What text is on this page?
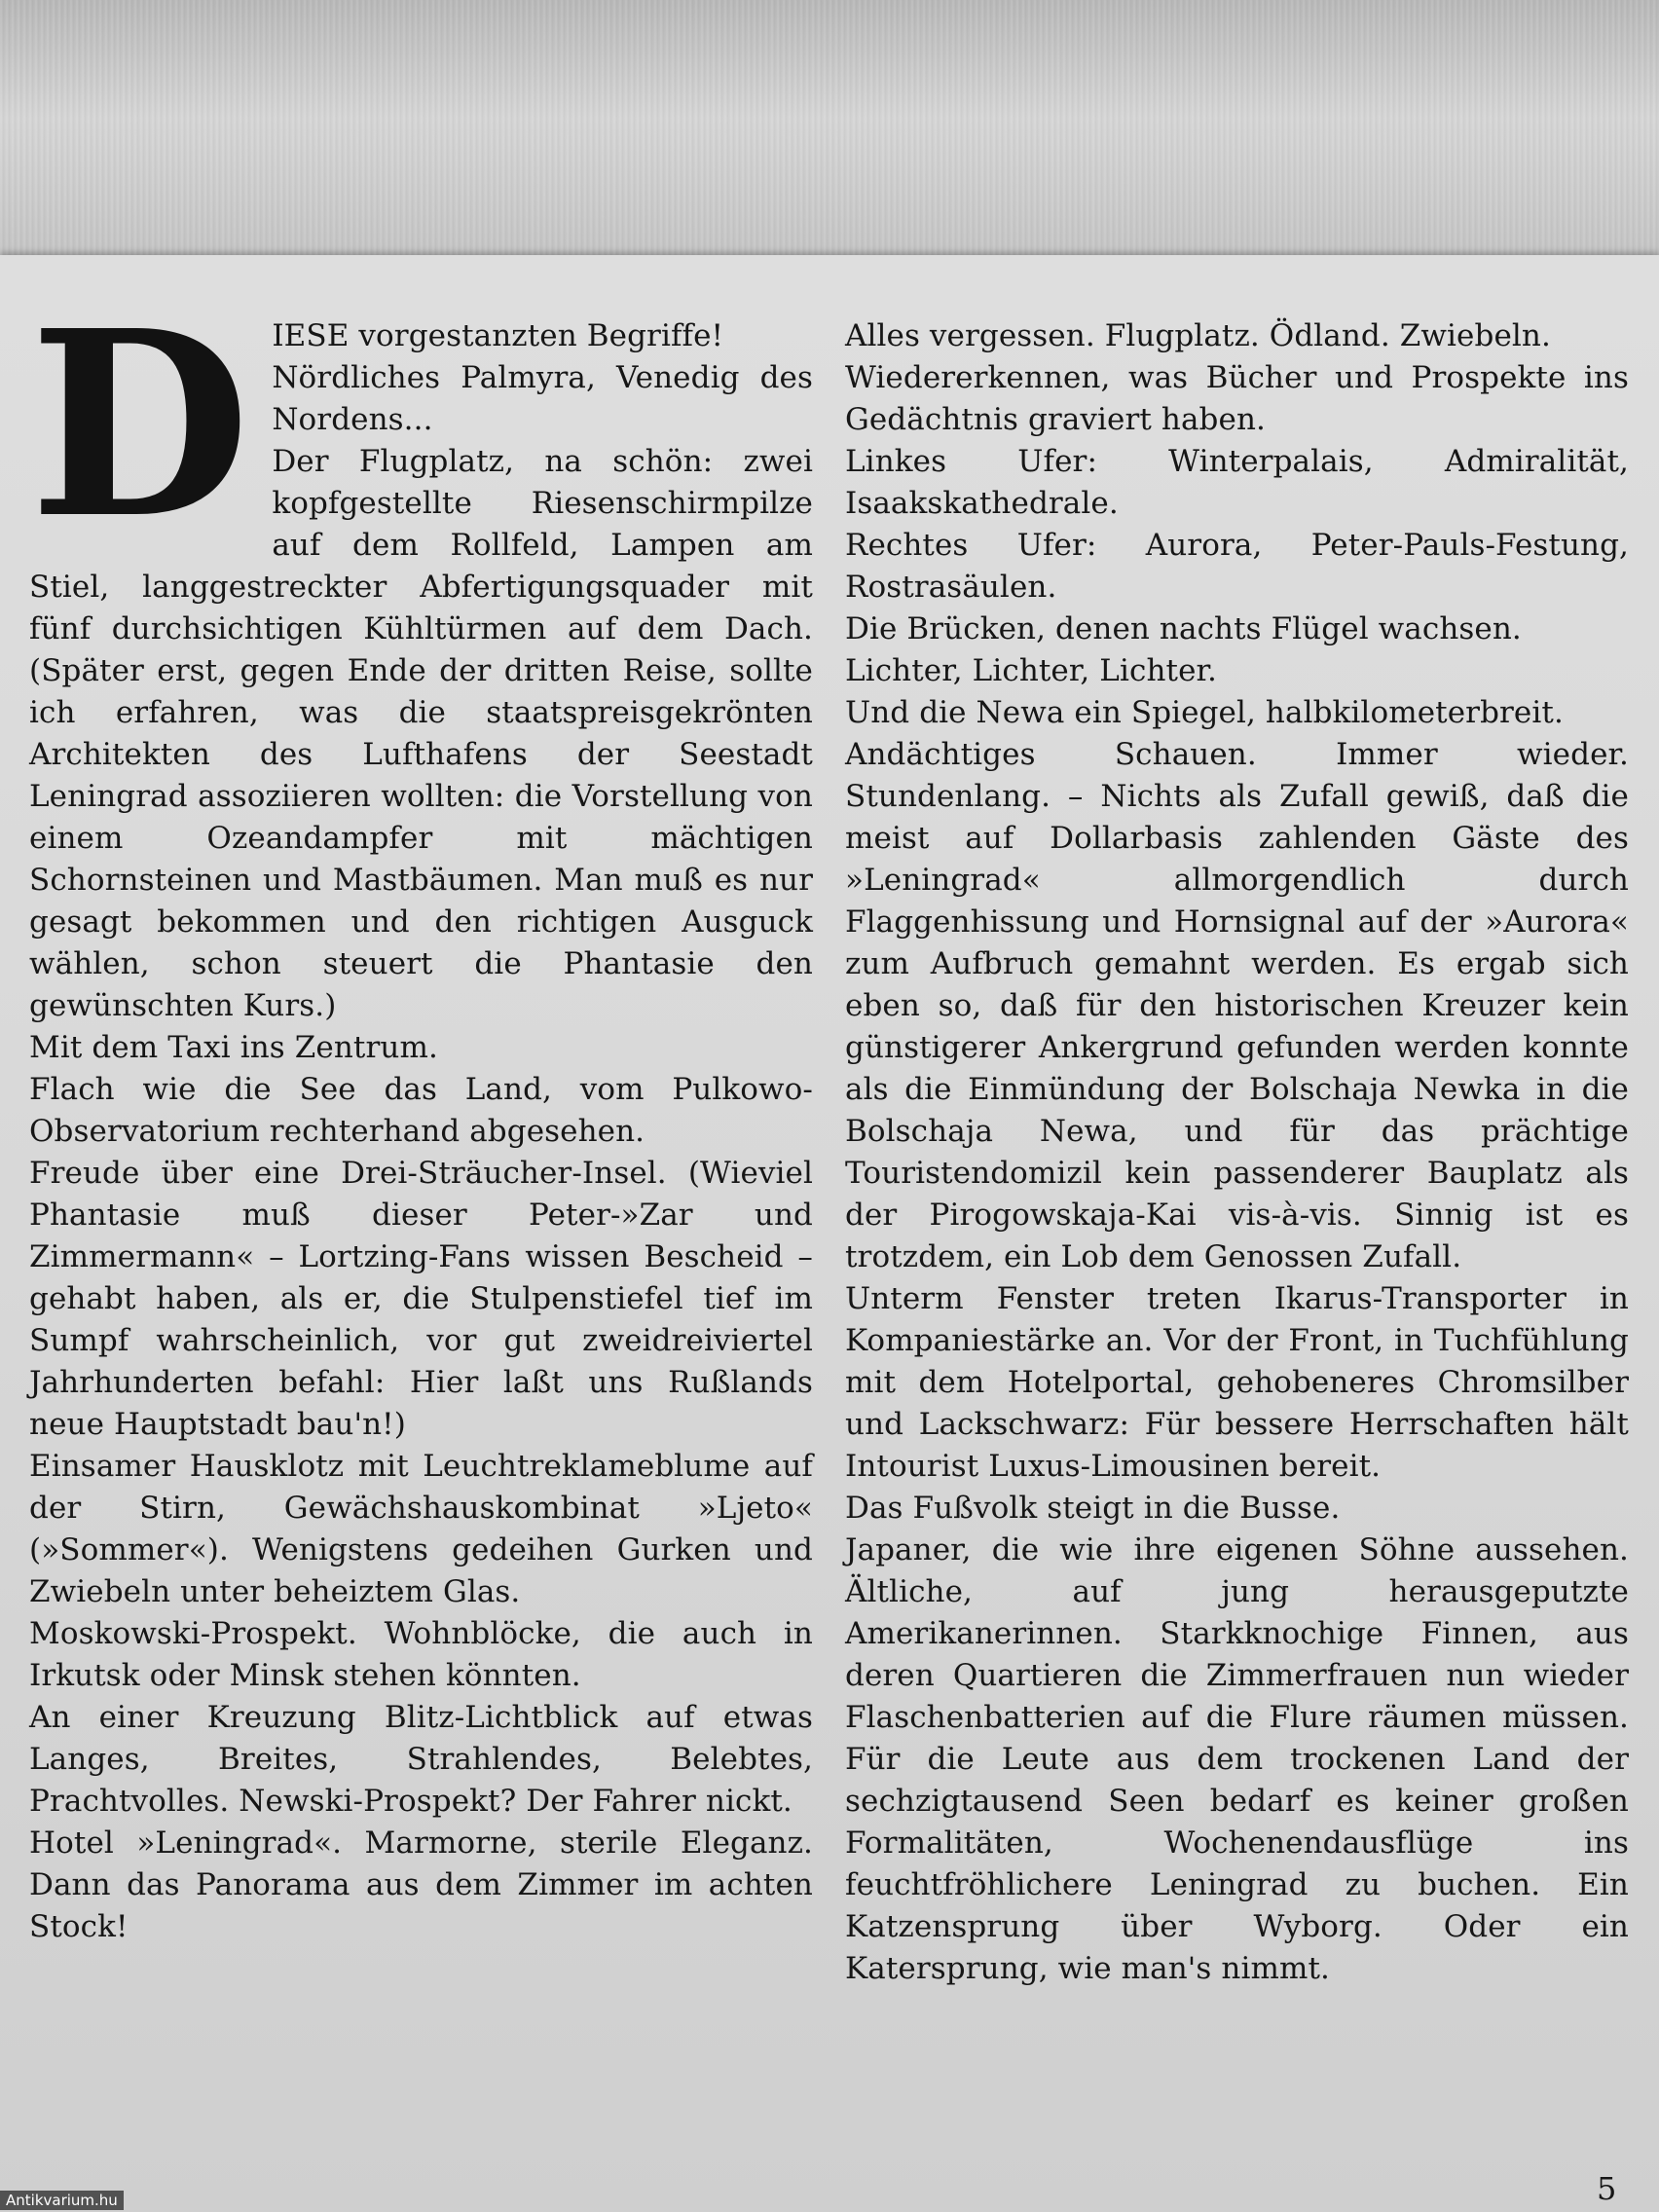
DIESE vorgestanzten Begriffe!

Nördliches Palmyra, Venedig des Nordens...

Der Flugplatz, na schön: zwei kopfgestellte Riesenschirmpilze auf dem Rollfeld, Lampen am Stiel, langgestreckter Abfertigungsquader mit fünf durchsichtigen Kühltürmen auf dem Dach. (Später erst, gegen Ende der dritten Reise, sollte ich erfahren, was die staatspreisgekrönten Architekten des Lufthafens der Seestadt Leningrad assoziieren wollten: die Vorstellung von einem Ozeandampfer mit mächtigen Schornsteinen und Mastbäumen. Man muß es nur gesagt bekommen und den richtigen Ausguck wählen, schon steuert die Phantasie den gewünschten Kurs.)

Mit dem Taxi ins Zentrum.

Flach wie die See das Land, vom Pulkowo-Observatorium rechterhand abgesehen.

Freude über eine Drei-Sträucher-Insel. (Wieviel Phantasie muß dieser Peter-»Zar und Zimmermann« – Lortzing-Fans wissen Bescheid – gehabt haben, als er, die Stulpenstiefel tief im Sumpf wahrscheinlich, vor gut zweidreiviertel Jahrhunderten befahl: Hier laßt uns Rußlands neue Hauptstadt bau'n!)

Einsamer Hausklotz mit Leuchtreklameblume auf der Stirn, Gewächshauskombinat »Ljeto« (»Sommer«). Wenigstens gedeihen Gurken und Zwiebeln unter beheiztem Glas.

Moskowski-Prospekt. Wohnblöcke, die auch in Irkutsk oder Minsk stehen könnten.

An einer Kreuzung Blitz-Lichtblick auf etwas Langes, Breites, Strahlendes, Belebtes, Prachtvolles. Newski-Prospekt? Der Fahrer nickt.

Hotel »Leningrad«. Marmorne, sterile Eleganz. Dann das Panorama aus dem Zimmer im achten Stock!

Alles vergessen. Flugplatz. Ödland. Zwiebeln.

Wiedererkennen, was Bücher und Prospekte ins Gedächtnis graviert haben.

Linkes Ufer: Winterpalais, Admiralität, Isaakskathedrale.

Rechtes Ufer: Aurora, Peter-Pauls-Festung, Rostrasäulen.

Die Brücken, denen nachts Flügel wachsen.

Lichter, Lichter, Lichter.

Und die Newa ein Spiegel, halbkilometerbreit.

Andächtiges Schauen. Immer wieder. Stundenlang. – Nichts als Zufall gewiß, daß die meist auf Dollarbasis zahlenden Gäste des »Leningrad« allmorgendlich durch Flaggenhissung und Hornsignal auf der »Aurora« zum Aufbruch gemahnt werden. Es ergab sich eben so, daß für den historischen Kreuzer kein günstigerer Ankergrund gefunden werden konnte als die Einmündung der Bolschaja Newka in die Bolschaja Newa, und für das prächtige Touristendomizil kein passenderer Bauplatz als der Pirogowskaja-Kai vis-à-vis. Sinnig ist es trotzdem, ein Lob dem Genossen Zufall.

Unterm Fenster treten Ikarus-Transporter in Kompaniestärke an. Vor der Front, in Tuchfühlung mit dem Hotelportal, gehobeneres Chromsilber und Lackschwarz: Für bessere Herrschaften hält Intourist Luxus-Limousinen bereit.

Das Fußvolk steigt in die Busse.

Japaner, die wie ihre eigenen Söhne aussehen. Ältliche, auf jung herausgeputzte Amerikanerinnen. Starkknochige Finnen, aus deren Quartieren die Zimmerfrauen nun wieder Flaschenbatterien auf die Flure räumen müssen. Für die Leute aus dem trockenen Land der sechzigtausend Seen bedarf es keiner großen Formalitäten, Wochenendausflüge ins feuchtfröhlichere Leningrad zu buchen. Ein Katzensprung über Wyborg. Oder ein Katersprung, wie man's nimmt.

5
Antikvarium.hu
